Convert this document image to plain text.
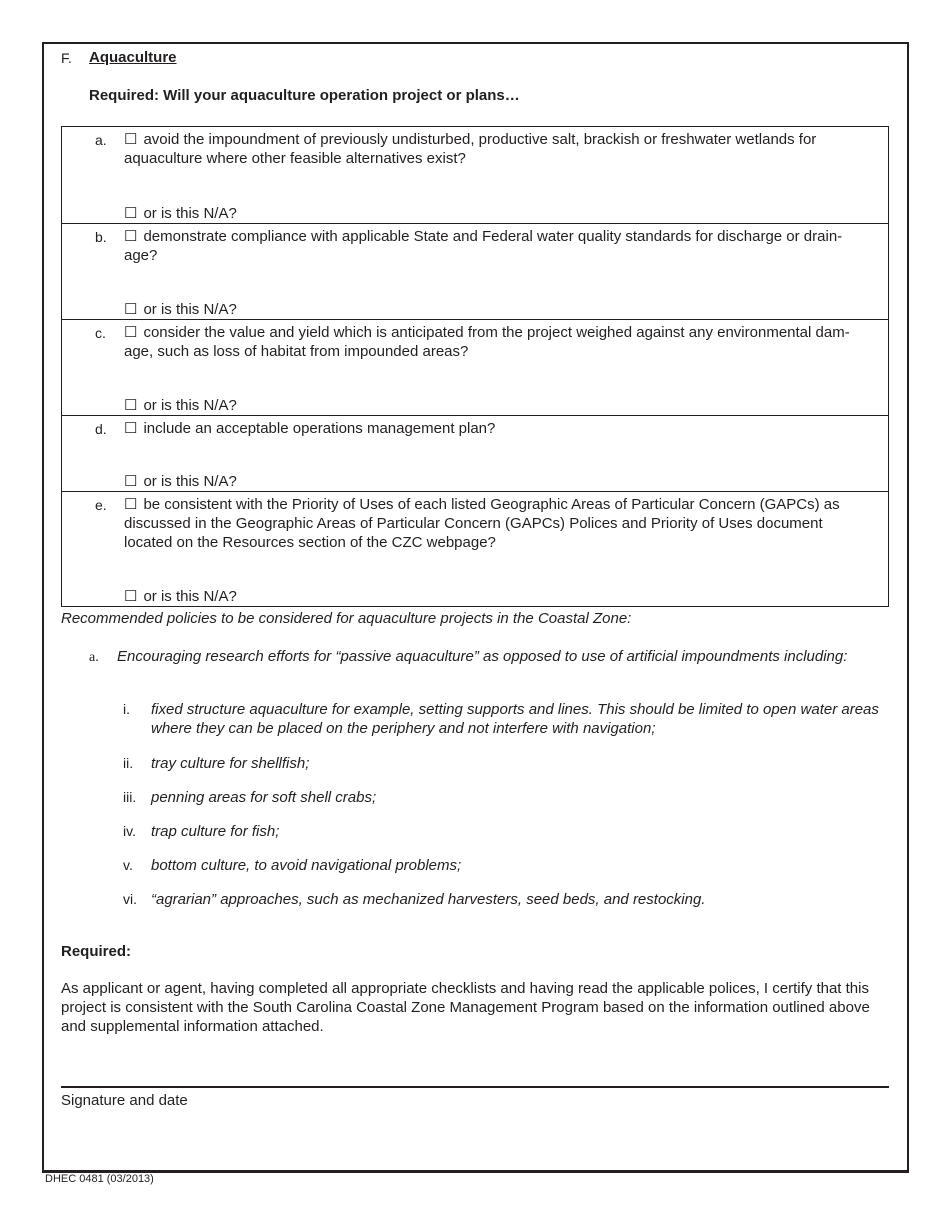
F. Aquaculture
Required: Will your aquaculture operation project or plans…
a. ☐ avoid the impoundment of previously undisturbed, productive salt, brackish or freshwater wetlands for aquaculture where other feasible alternatives exist?
☐ or is this N/A?
b. ☐ demonstrate compliance with applicable State and Federal water quality standards for discharge or drain-age?
☐ or is this N/A?
c. ☐ consider the value and yield which is anticipated from the project weighed against any environmental dam-age, such as loss of habitat from impounded areas?
☐ or is this N/A?
d. ☐ include an acceptable operations management plan?
☐ or is this N/A?
e. ☐ be consistent with the Priority of Uses of each listed Geographic Areas of Particular Concern (GAPCs) as discussed in the Geographic Areas of Particular Concern (GAPCs) Polices and Priority of Uses document located on the Resources section of the CZC webpage?
☐ or is this N/A?
Recommended policies to be considered for aquaculture projects in the Coastal Zone:
a. Encouraging research efforts for “passive aquaculture” as opposed to use of artificial impoundments including:
i. fixed structure aquaculture for example, setting supports and lines. This should be limited to open water areas where they can be placed on the periphery and not interfere with navigation;
ii. tray culture for shellfish;
iii. penning areas for soft shell crabs;
iv. trap culture for fish;
v. bottom culture, to avoid navigational problems;
vi. “agrarian” approaches, such as mechanized harvesters, seed beds, and restocking.
Required:
As applicant or agent, having completed all appropriate checklists and having read the applicable polices, I certify that this project is consistent with the South Carolina Coastal Zone Management Program based on the information outlined above and supplemental information attached.
Signature and date
DHEC 0481 (03/2013)
